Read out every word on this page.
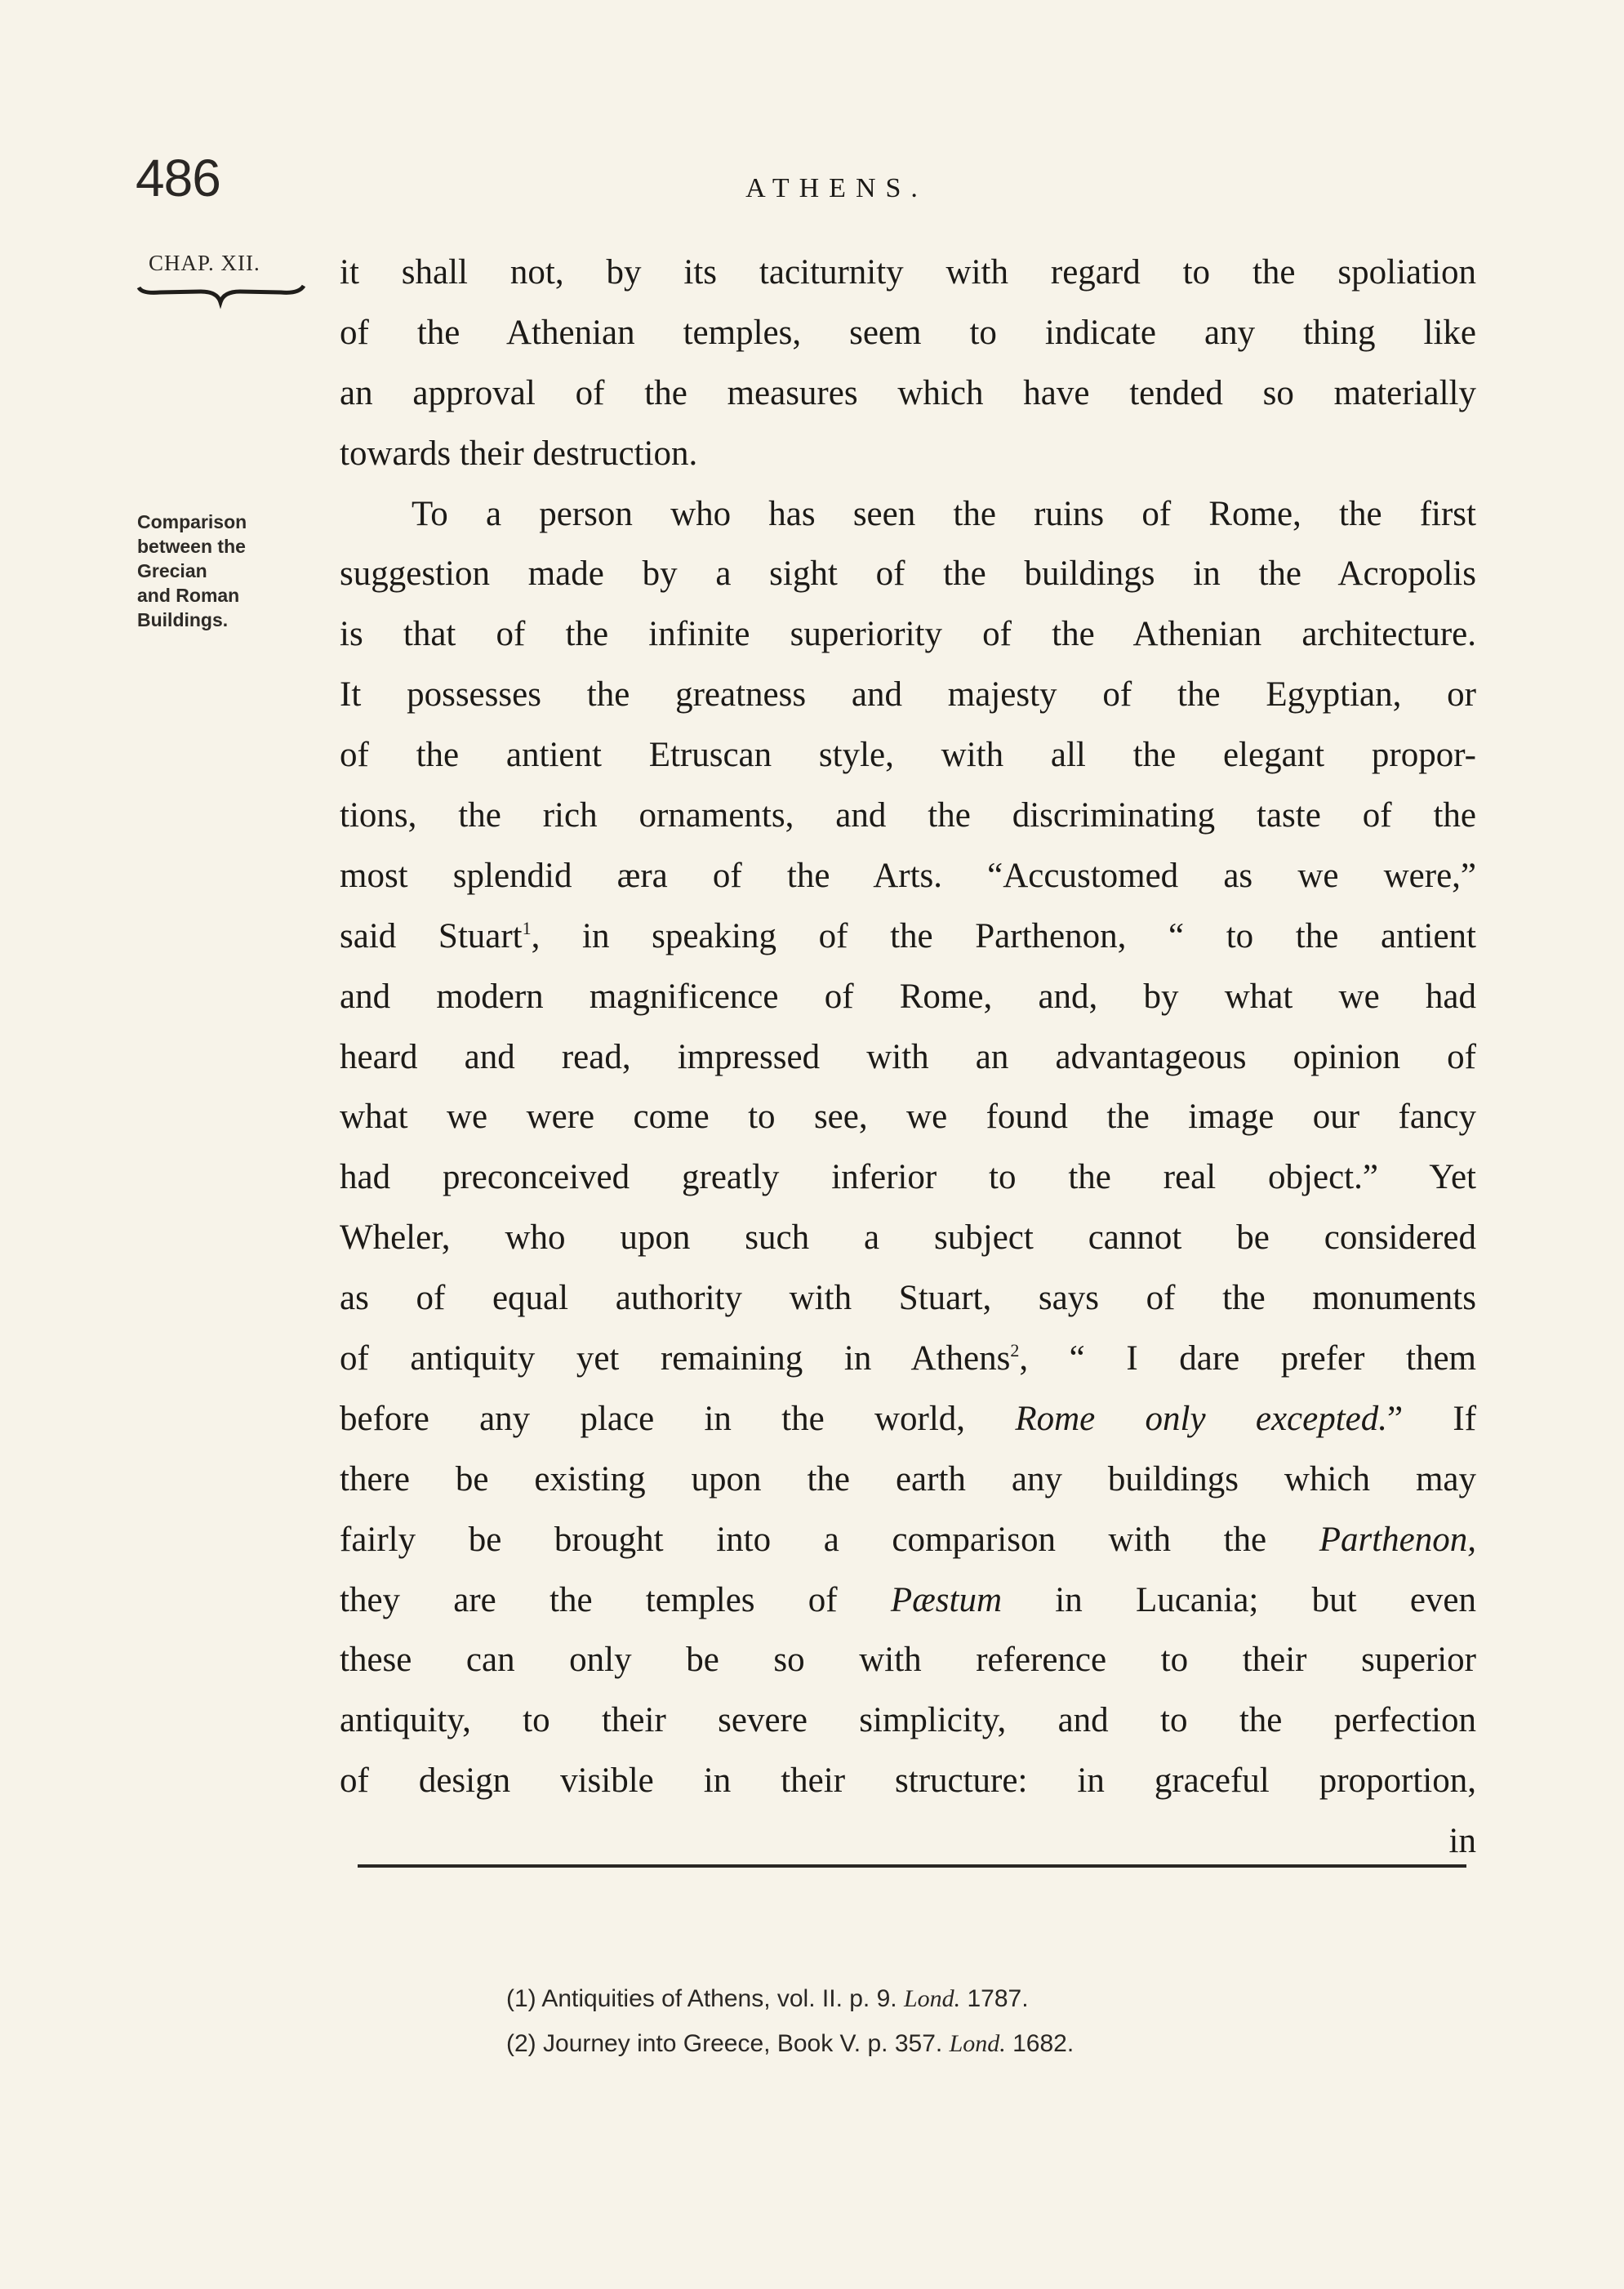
486	ATHENS.
CHAP. XII.
Comparison
between the
Grecian
and Roman
Buildings.
it shall not, by its taciturnity with regard to the spoliation
of the Athenian temples, seem to indicate any thing like
an approval of the measures which have tended so materially
towards their destruction.
To a person who has seen the ruins of Rome, the first
suggestion made by a sight of the buildings in the Acropolis
is that of the infinite superiority of the Athenian architecture.
It possesses the greatness and majesty of the Egyptian, or
of the antient Etruscan style, with all the elegant propor-
tions, the rich ornaments, and the discriminating taste of the
most splendid æra of the Arts. “Accustomed as we were,”
said Stuart$^1$, in speaking of the Parthenon, “ to the antient
and modern magnificence of Rome, and, by what we had
heard and read, impressed with an advantageous opinion of
what we were come to see, we found the image our fancy
had preconceived greatly inferior to the real object.” Yet
Wheler, who upon such a subject cannot be considered
as of equal authority with Stuart, says of the monuments
of antiquity yet remaining in Athens$^2$, “ I dare prefer them
before any place in the world, Rome only excepted.” If
there be existing upon the earth any buildings which may
fairly be brought into a comparison with the Parthenon,
they are the temples of Pæstum in Lucania; but even
these can only be so with reference to their superior
antiquity, to their severe simplicity, and to the perfection
of design visible in their structure: in graceful proportion,
in
(1) Antiquities of Athens, vol. II. p. 9. Lond. 1787.
(2) Journey into Greece, Book V. p. 357. Lond. 1682.
